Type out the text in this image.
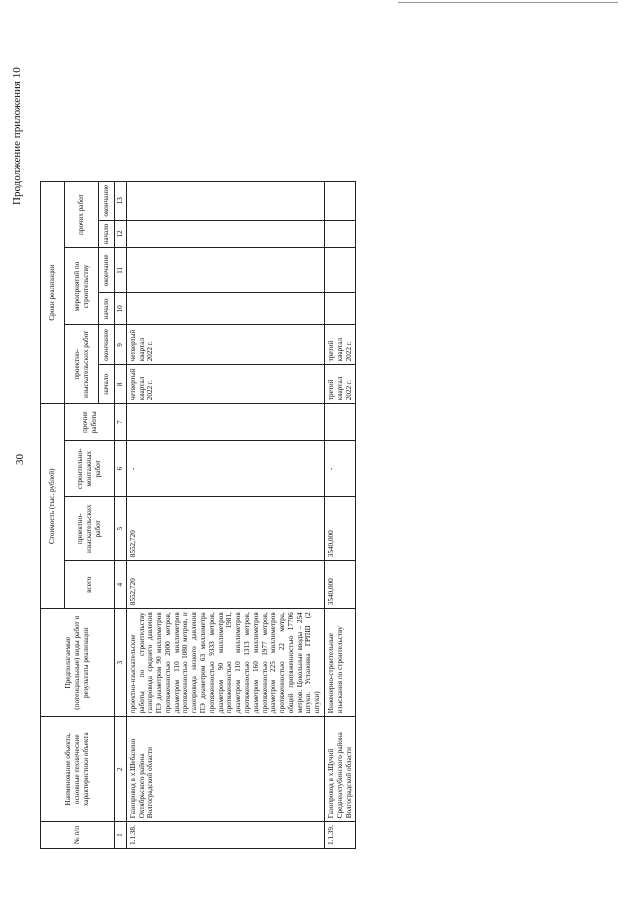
30
Продолжение приложения 10
№ п/п	Наименование объекта, основные технические характеристики объекта	Предполагаемые (потенциальные) виды работ и результаты реализации	Стоимость (тыс. рублей)				Сроки реализации					
			всего	проектно-изыскательских работ	строительно-монтажных работ	прочие работы	проектно-изыскательских работ		мероприятий по строительству		прочих работ	
							начало	окончание	начало	окончание	начало	окончание
1	2	3	4	5	6	7	8	9	10	11	12	13
1.1.38.	Газопровод в х.Шебалино Октябрьского района Волгоградской области	проектно-изыскательские работы по строительству газопровода среднего давления ПЭ диаметром 90 миллиметров протяженностью 2000 метров, диаметром 110 миллиметров протяженностью 1080 метров, и газопровода низкого давления ПЭ диаметром 63 миллиметра протяженностью 9333 метров, диаметром 90 миллиметров протяженностью 1981, диаметром 110 миллиметров протяженностью 1313 метров, диаметром 160 миллиметров протяженностью 1977 метров, диаметром 225 миллиметров протяженностью 22 метра, общей протяженностью 17706 метров. Цокольные вводы – 254 штуки. Установка ГРПШ (2 штуки)	8552,720	8552,720	-		четвертый квартал 2022 г.	четвертый квартал 2022 г.				
1.1.39.	Газопровод в х.Щучий Среднеахтубинского района Волгоградской области	Инженерно-строительные изыскания по строительству	3540,000	3540,000	-		третий квартал 2022 г.	третий квартал 2022 г.				
